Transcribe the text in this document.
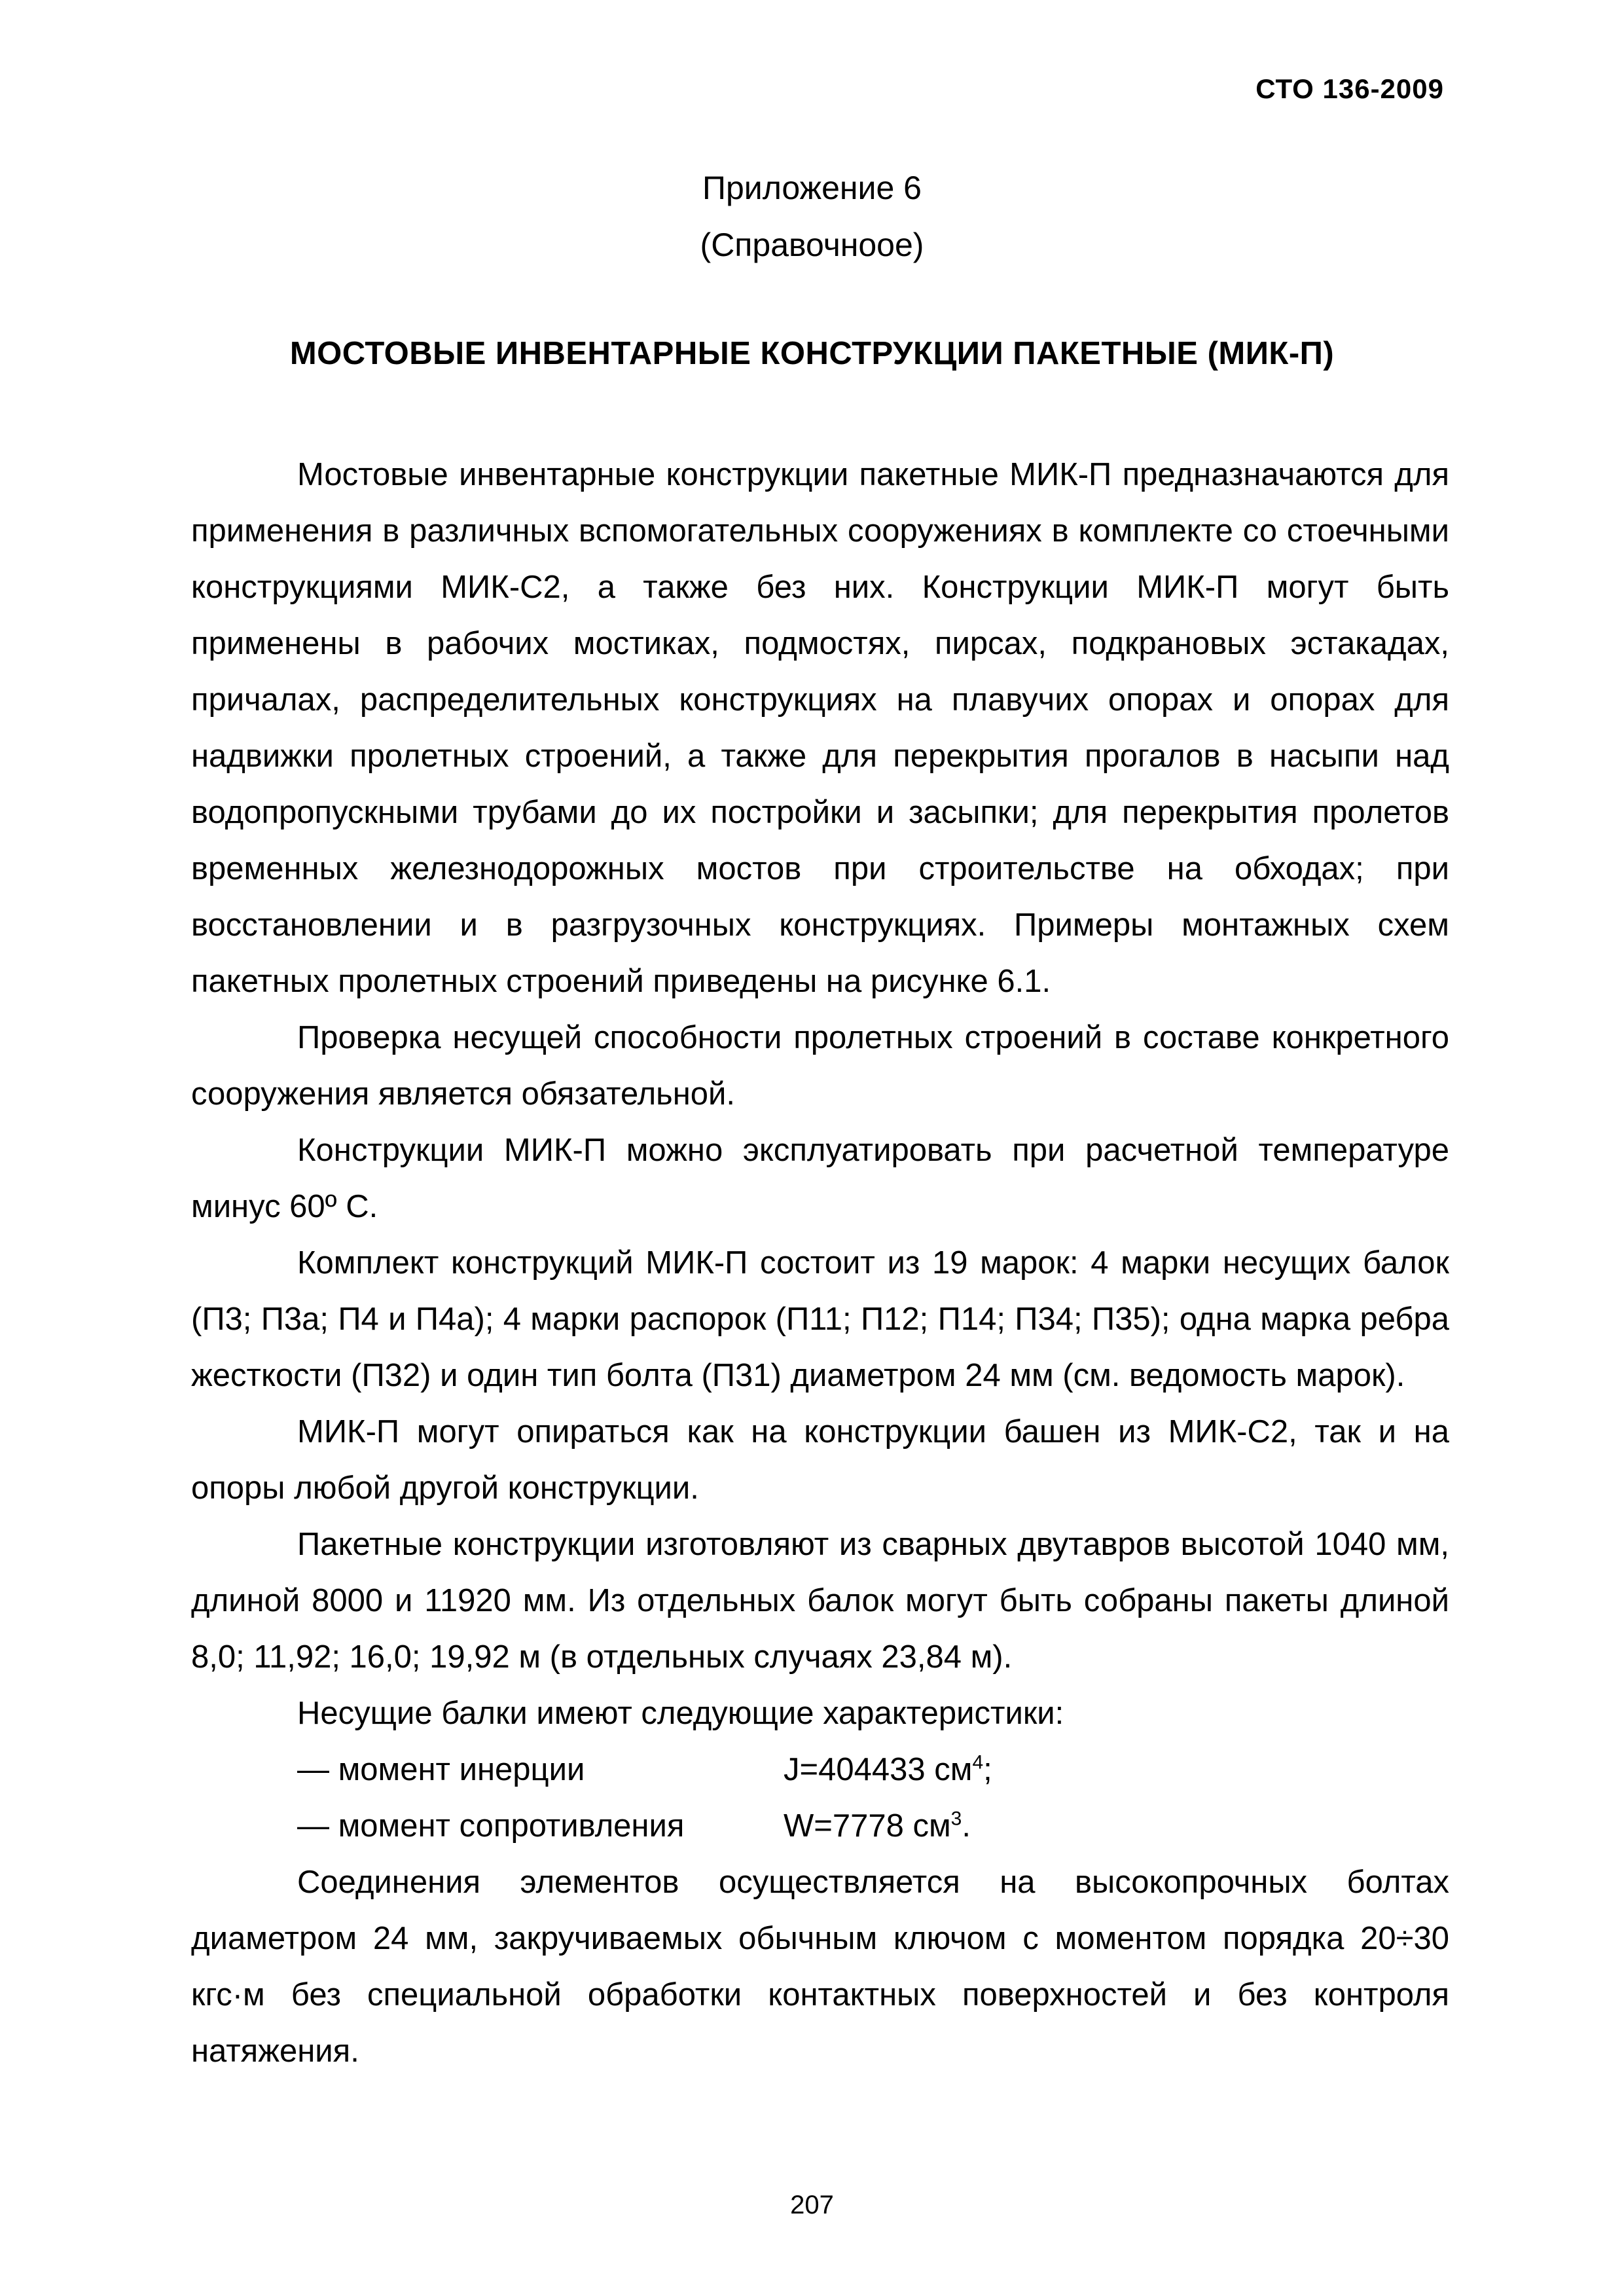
СТО 136-2009
Приложение 6
(Справочноое)
МОСТОВЫЕ ИНВЕНТАРНЫЕ КОНСТРУКЦИИ ПАКЕТНЫЕ (МИК-П)

Мостовые инвентарные конструкции пакетные МИК-П предназначаются для применения в различных вспомогательных сооружениях в комплекте со стоечными конструкциями МИК-С2, а также без них. Конструкции МИК-П могут быть применены в рабочих мостиках, подмостях, пирсах, подкрановых эстакадах, причалах, распределительных конструкциях на плавучих опорах и опорах для надвижки пролетных строений, а также для перекрытия прогалов в насыпи над водопропускными трубами до их постройки и засыпки; для перекрытия пролетов временных железнодорожных мостов при строительстве на обходах; при восстановлении и в разгрузочных конструкциях. Примеры монтажных схем пакетных пролетных строений приведены на рисунке 6.1.

Проверка несущей способности пролетных строений в составе конкретного сооружения является обязательной.

Конструкции МИК-П можно эксплуатировать при расчетной температуре минус 60º С.

Комплект конструкций МИК-П состоит из 19 марок: 4 марки несущих балок (П3; П3а; П4 и П4а); 4 марки распорок (П11; П12; П14; П34; П35); одна марка ребра жесткости (П32) и один тип болта (П31) диаметром 24 мм (см. ведомость марок).

МИК-П могут опираться как на конструкции башен из МИК-С2, так и на опоры любой другой конструкции.

Пакетные конструкции изготовляют из сварных двутавров высотой 1040 мм, длиной 8000 и 11920 мм. Из отдельных балок могут быть собраны пакеты длиной 8,0; 11,92; 16,0; 19,92 м (в отдельных случаях 23,84 м).

Несущие балки имеют следующие характеристики:

— момент инерции	J=404433 $см^4$;
— момент сопротивления	W=7778 $см^3$.

Соединения элементов осуществляется на высокопрочных болтах диаметром 24 мм, закручиваемых обычным ключом с моментом порядка 20÷30 кгс·м без специальной обработки контактных поверхностей и без контроля натяжения.

207
